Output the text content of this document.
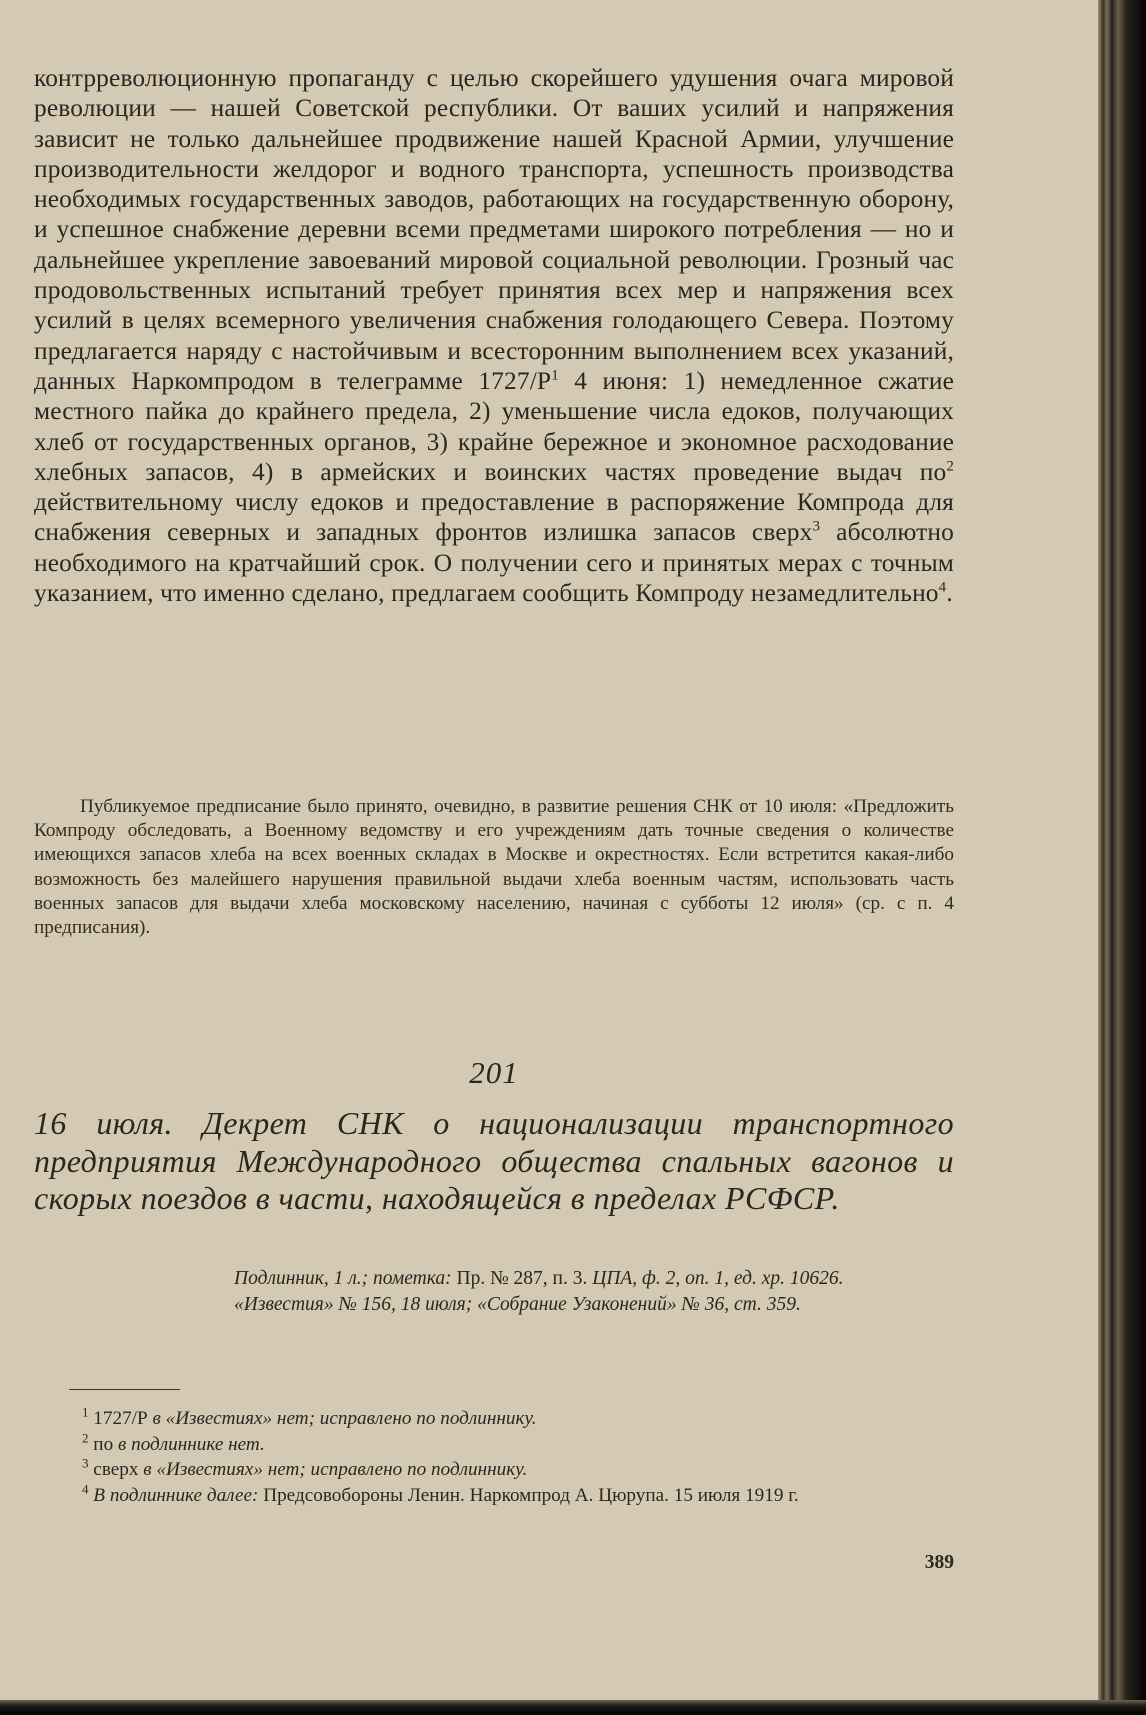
контрреволюционную пропаганду с целью скорейшего удушения очага мировой революции — нашей Советской республики. От ваших усилий и напряжения зависит не только дальнейшее продвижение нашей Красной Армии, улучшение производительности желдорог и водного транспорта, успешность производства необходимых государственных заводов, работающих на государственную оборону, и успешное снабжение деревни всеми предметами широкого потребления — но и дальнейшее укрепление завоеваний мировой социальной революции. Грозный час продовольственных испытаний требует принятия всех мер и напряжения всех усилий в целях всемерного увеличения снабжения голодающего Севера. Поэтому предлагается наряду с настойчивым и всесторонним выполнением всех указаний, данных Наркомпродом в телеграмме $1727/Р^1$ 4 июня: 1) немедленное сжатие местного пайка до крайнего предела, 2) уменьшение числа едоков, получающих хлеб от государственных органов, 3) крайне бережное и экономное расходование хлебных запасов, 4) в армейских и воинских частях проведение выдач $по^2$ действительному числу едоков и предоставление в распоряжение Компрода для снабжения северных и западных фронтов излишка запасов сверх$^3$ абсолютно необходимого на кратчайший срок. О получении сего и принятых мерах с точным указанием, что именно сделано, предлагаем сообщить Компроду незамедлительно$^4$.

Публикуемое предписание было принято, очевидно, в развитие решения СНК от 10 июля: «Предложить Компроду обследовать, а Военному ведомству и его учреждениям дать точные сведения о количестве имеющихся запасов хлеба на всех военных складах в Москве и окрестностях. Если встретится какая-либо возможность без малейшего нарушения правильной выдачи хлеба военным частям, использовать часть военных запасов для выдачи хлеба московскому населению, начиная с субботы 12 июля» (ср. с п. 4 предписания).

201

16 июля. Декрет СНК о национализации транспортного предприятия Международного общества спальных вагонов и скорых поездов в части, находящейся в пределах РСФСР.

Подлинник, 1 л.; пометка: Пр. № 287, п. 3. ЦПА, ф. 2, оп. 1, ед. хр. 10626.

«Известия» № 156, 18 июля; «Собрание Узаконений» № 36, ст. 359.

$^1$ 1727/Р в «Известиях» нет; исправлено по подлиннику.

$^2$ по в подлиннике нет.

$^3$ сверх в «Известиях» нет; исправлено по подлиннику.

$^4$ В подлиннике далее: Предсовобороны Ленин. Наркомпрод А. Цюрупа. 15 июля 1919 г.

389
